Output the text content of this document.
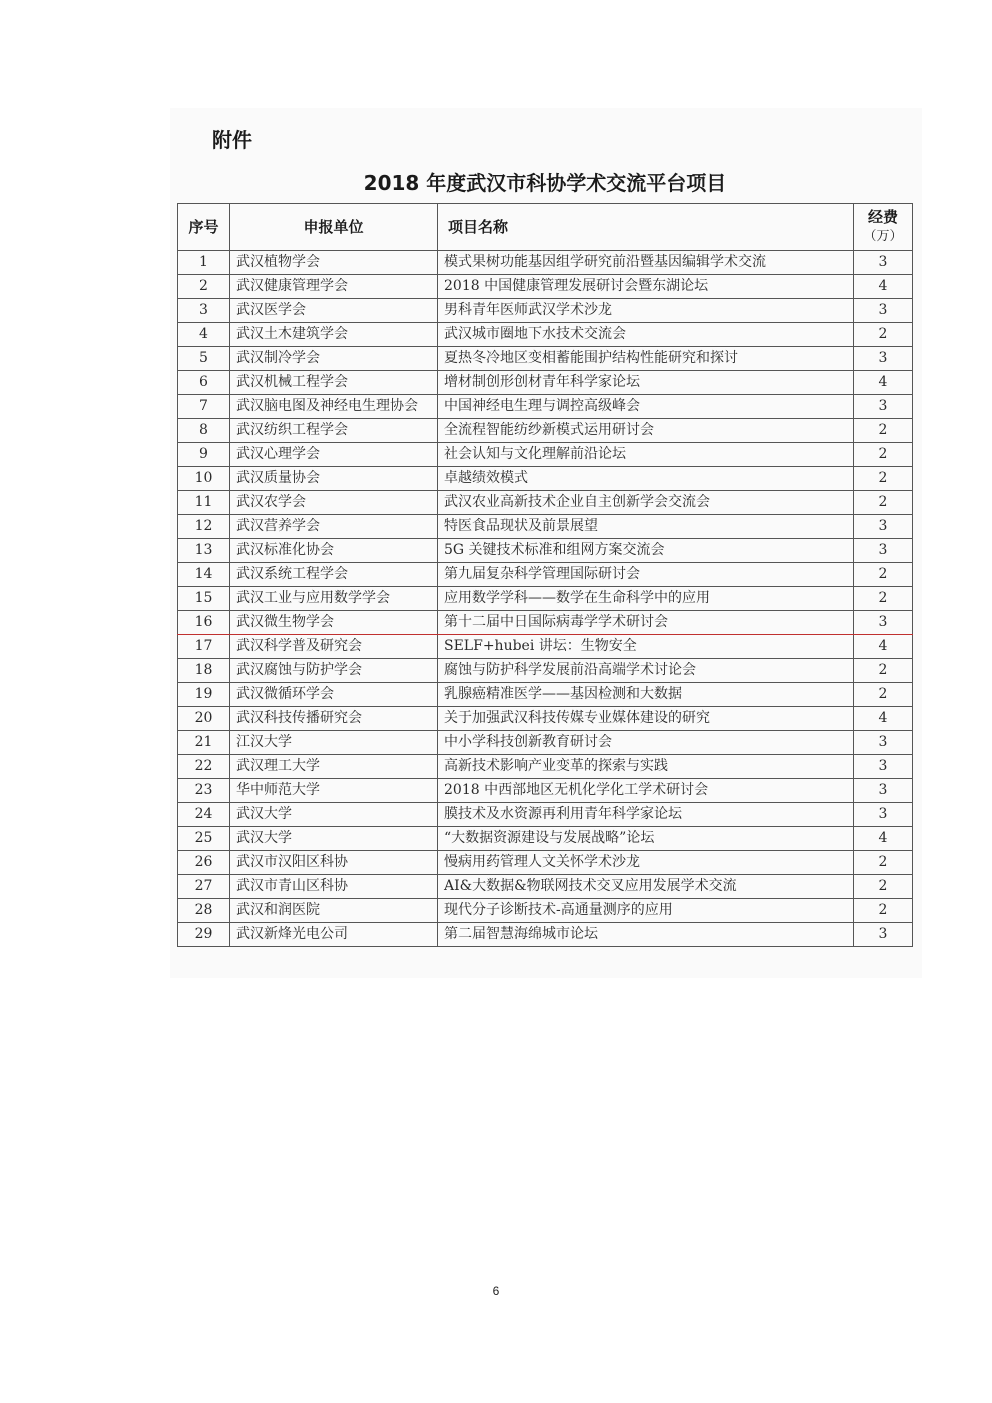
附件
2018 年度武汉市科协学术交流平台项目
序号	申报单位	项目名称	经费
（万）

1	武汉植物学会	模式果树功能基因组学研究前沿暨基因编辑学术交流	3
2	武汉健康管理学会	2018 中国健康管理发展研讨会暨东湖论坛	4
3	武汉医学会	男科青年医师武汉学术沙龙	3
4	武汉土木建筑学会	武汉城市圈地下水技术交流会	2
5	武汉制冷学会	夏热冬冷地区变相蓄能围护结构性能研究和探讨	3
6	武汉机械工程学会	增材制创形创材青年科学家论坛	4
7	武汉脑电图及神经电生理协会	中国神经电生理与调控高级峰会	3
8	武汉纺织工程学会	全流程智能纺纱新模式运用研讨会	2
9	武汉心理学会	社会认知与文化理解前沿论坛	2
10	武汉质量协会	卓越绩效模式	2
11	武汉农学会	武汉农业高新技术企业自主创新学会交流会	2
12	武汉营养学会	特医食品现状及前景展望	3
13	武汉标准化协会	5G 关键技术标准和组网方案交流会	3
14	武汉系统工程学会	第九届复杂科学管理国际研讨会	2
15	武汉工业与应用数学学会	应用数学学科——数学在生命科学中的应用	2
16	武汉微生物学会	第十二届中日国际病毒学学术研讨会	3
17	武汉科学普及研究会	SELF+hubei 讲坛：生物安全	4
18	武汉腐蚀与防护学会	腐蚀与防护科学发展前沿高端学术讨论会	2
19	武汉微循环学会	乳腺癌精准医学——基因检测和大数据	2
20	武汉科技传播研究会	关于加强武汉科技传媒专业媒体建设的研究	4
21	江汉大学	中小学科技创新教育研讨会	3
22	武汉理工大学	高新技术影响产业变革的探索与实践	3
23	华中师范大学	2018 中西部地区无机化学化工学术研讨会	3
24	武汉大学	膜技术及水资源再利用青年科学家论坛	3
25	武汉大学	“大数据资源建设与发展战略”论坛	4
26	武汉市汉阳区科协	慢病用药管理人文关怀学术沙龙	2
27	武汉市青山区科协	AI&大数据&物联网技术交叉应用发展学术交流	2
28	武汉和润医院	现代分子诊断技术-高通量测序的应用	2
29	武汉新烽光电公司	第二届智慧海绵城市论坛	3
6
